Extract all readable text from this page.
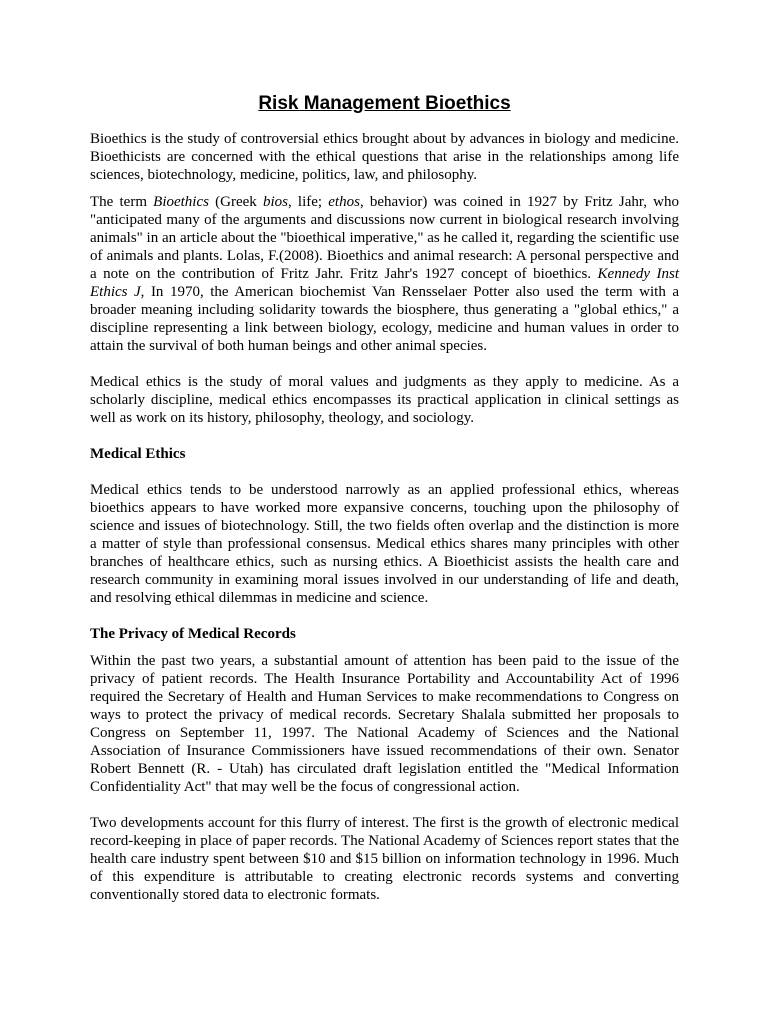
Risk Management Bioethics

Bioethics is the study of controversial ethics brought about by advances in biology and medicine. Bioethicists are concerned with the ethical questions that arise in the relationships among life sciences, biotechnology, medicine, politics, law, and philosophy.

The term Bioethics (Greek bios, life; ethos, behavior) was coined in 1927 by Fritz Jahr, who "anticipated many of the arguments and discussions now current in biological research involving animals" in an article about the "bioethical imperative," as he called it, regarding the scientific use of animals and plants. Lolas, F.(2008). Bioethics and animal research: A personal perspective and a note on the contribution of Fritz Jahr. Fritz Jahr's 1927 concept of bioethics. Kennedy Inst Ethics J, In 1970, the American biochemist Van Rensselaer Potter also used the term with a broader meaning including solidarity towards the biosphere, thus generating a "global ethics," a discipline representing a link between biology, ecology, medicine and human values in order to attain the survival of both human beings and other animal species.

Medical ethics is the study of moral values and judgments as they apply to medicine. As a scholarly discipline, medical ethics encompasses its practical application in clinical settings as well as work on its history, philosophy, theology, and sociology.

Medical Ethics

Medical ethics tends to be understood narrowly as an applied professional ethics, whereas bioethics appears to have worked more expansive concerns, touching upon the philosophy of science and issues of biotechnology. Still, the two fields often overlap and the distinction is more a matter of style than professional consensus. Medical ethics shares many principles with other branches of healthcare ethics, such as nursing ethics. A Bioethicist assists the health care and research community in examining moral issues involved in our understanding of life and death, and resolving ethical dilemmas in medicine and science.

The Privacy of Medical Records

Within the past two years, a substantial amount of attention has been paid to the issue of the privacy of patient records. The Health Insurance Portability and Accountability Act of 1996 required the Secretary of Health and Human Services to make recommendations to Congress on ways to protect the privacy of medical records. Secretary Shalala submitted her proposals to Congress on September 11, 1997. The National Academy of Sciences and the National Association of Insurance Commissioners have issued recommendations of their own. Senator Robert Bennett (R. - Utah) has circulated draft legislation entitled the "Medical Information Confidentiality Act" that may well be the focus of congressional action.

Two developments account for this flurry of interest. The first is the growth of electronic medical record-keeping in place of paper records. The National Academy of Sciences report states that the health care industry spent between $10 and $15 billion on information technology in 1996. Much of this expenditure is attributable to creating electronic records systems and converting conventionally stored data to electronic formats.
